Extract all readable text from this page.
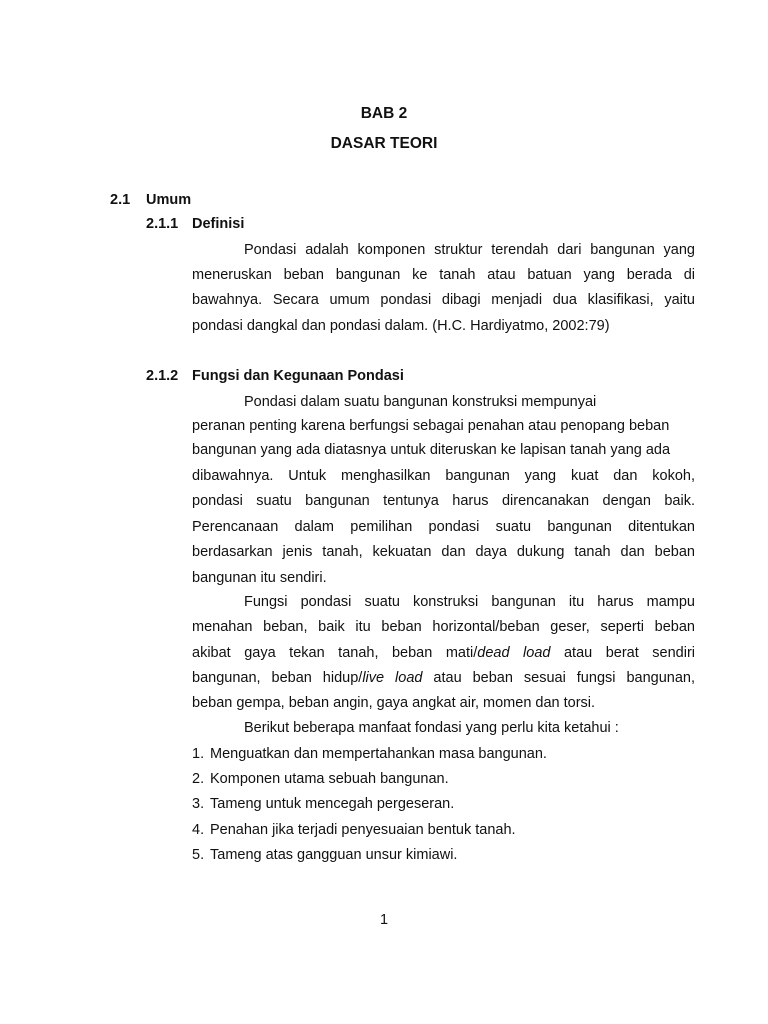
BAB 2
DASAR TEORI
2.1 Umum
2.1.1 Definisi
Pondasi adalah komponen struktur terendah dari bangunan yang
meneruskan beban bangunan ke tanah atau batuan yang berada di
bawahnya. Secara umum pondasi dibagi menjadi dua klasifikasi, yaitu
pondasi dangkal dan pondasi dalam. (H.C. Hardiyatmo, 2002:79)
2.1.2 Fungsi dan Kegunaan Pondasi
Pondasi dalam suatu bangunan konstruksi mempunyai
peranan penting karena berfungsi sebagai penahan atau penopang beban
bangunan yang ada diatasnya untuk diteruskan ke lapisan tanah yang ada
dibawahnya. Untuk menghasilkan bangunan yang kuat dan kokoh,
pondasi suatu bangunan tentunya harus direncanakan dengan baik.
Perencanaan dalam pemilihan pondasi suatu bangunan ditentukan
berdasarkan jenis tanah, kekuatan dan daya dukung tanah dan beban
bangunan itu sendiri.
Fungsi pondasi suatu konstruksi bangunan itu harus mampu
menahan beban, baik itu beban horizontal/beban geser, seperti beban
akibat gaya tekan tanah, beban mati/dead load atau berat sendiri
bangunan, beban hidup/live load atau beban sesuai fungsi bangunan,
beban gempa, beban angin, gaya angkat air, momen dan torsi.
Berikut beberapa manfaat fondasi yang perlu kita ketahui :
1. Menguatkan dan mempertahankan masa bangunan.
2. Komponen utama sebuah bangunan.
3. Tameng untuk mencegah pergeseran.
4. Penahan jika terjadi penyesuaian bentuk tanah.
5. Tameng atas gangguan unsur kimiawi.
1
